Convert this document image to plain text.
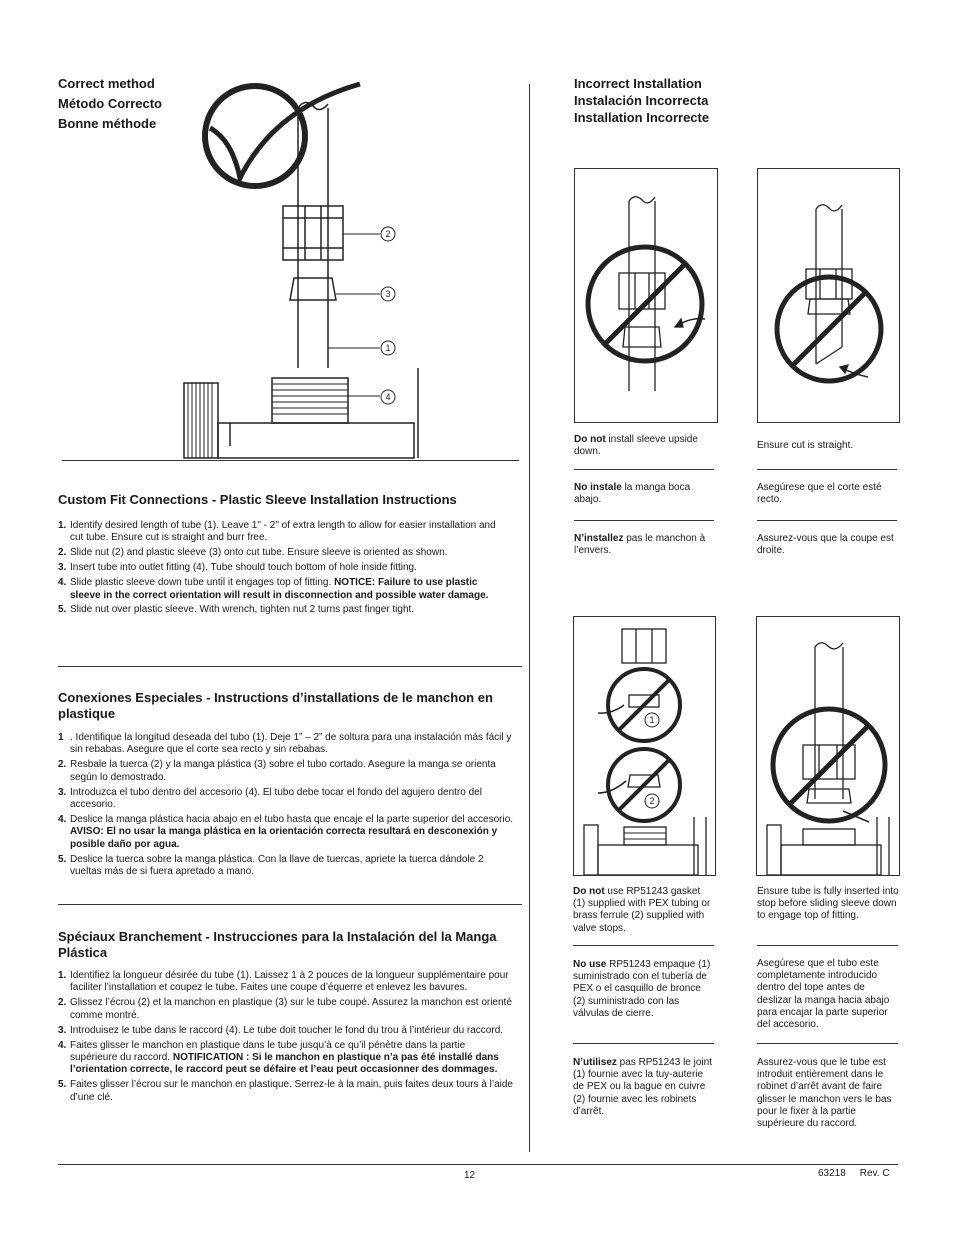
Correct method
Método Correcto
Bonne méthode
2
3
1
4
Custom Fit Connections - Plastic Sleeve Installation Instructions
1. Identify desired length of tube (1). Leave 1" - 2" of extra length to allow for easier installation and cut tube. Ensure cut is straight and burr free.
2. Slide nut (2) and plastic sleeve (3) onto cut tube. Ensure sleeve is oriented as shown.
3. Insert tube into outlet fitting (4). Tube should touch bottom of hole inside fitting.
4. Slide plastic sleeve down tube until it engages top of fitting. NOTICE: Failure to use plastic sleeve in the correct orientation will result in disconnection and possible water damage.
5. Slide nut over plastic sleeve. With wrench, tighten nut 2 turns past finger tight.
Conexiones Especiales - Instructions d’installations de le manchon en plastique
1 . Identifique la longitud deseada del tubo (1). Deje 1” – 2” de soltura para una instalación más fácil y sin rebabas. Asegure que el corte sea recto y sin rebabas.
2. Resbale la tuerca (2) y la manga plástica (3) sobre el tubo cortado. Asegure la manga se orienta según lo demostrado.
3. Introduzca el tubo dentro del accesorio (4). El tubo debe tocar el fondo del agujero dentro del accesorio.
4. Deslice la manga plástica hacia abajo en el tubo hasta que encaje el la parte superior del accesorio. AVISO: El no usar la manga plástica en la orientación correcta resultará en desconexión y posible daño por agua.
5. Deslice la tuerca sobre la manga plástica. Con la llave de tuercas, apriete la tuerca dándole 2 vueltas más de si fuera apretado a mano.
Spéciaux Branchement - Instrucciones para la Instalación del la Manga Plástica
1. Identifiez la longueur désirée du tube (1). Laissez 1 à 2 pouces de la longueur supplémentaire pour faciliter l’installation et coupez le tube. Faites une coupe d’équerre et enlevez les bavures.
2. Glissez l’écrou (2) et la manchon en plastique (3) sur le tube coupé. Assurez la manchon est orienté comme montré.
3. Introduisez le tube dans le raccord (4). Le tube doit toucher le fond du trou à l’intérieur du raccord.
4. Faites glisser le manchon en plastique dans le tube jusqu’à ce qu’il pénètre dans la partie supérieure du raccord. NOTIFICATION : Si le manchon en plastique n’a pas été installé dans l’orientation correcte, le raccord peut se défaire et l’eau peut occasionner des dommages.
5. Faites glisser l’écrou sur le manchon en plastique. Serrez-le à la main, puis faites deux tours à l’aide d’une clé.
Incorrect Installation
Instalación Incorrecta
Installation Incorrecte
Do not install sleeve upside down.
No instale la manga boca abajo.
N’installez pas le manchon à l’envers.
Ensure cut is straight.
Asegúrese que el corte esté recto.
Assurez-vous que la coupe est droite.
1
2
Do not use RP51243 gasket (1) supplied with PEX tubing or brass ferrule (2) supplied with valve stops.
No use RP51243 empaque (1) suministrado con el tubería de PEX o el casquillo de bronce (2) suministrado con las válvulas de cierre.
N’utilisez pas RP51243 le joint (1) fournie avec la tuy-auterie de PEX ou la bague en cuivre (2) fournie avec les robinets d’arrêt.
Ensure tube is fully inserted into stop before sliding sleeve down to engage top of fitting.
Asegúrese que el tubo este completamente introducido dentro del tope antes de deslizar la manga hacia abajo para encajar la parte superior del accesorio.
Assurez-vous que le tube est introduit entièrement dans le robinet d’arrêt avant de faire glisser le manchon vers le bas pour le fixer à la partie supérieure du raccord.
12	63218 Rev. C
